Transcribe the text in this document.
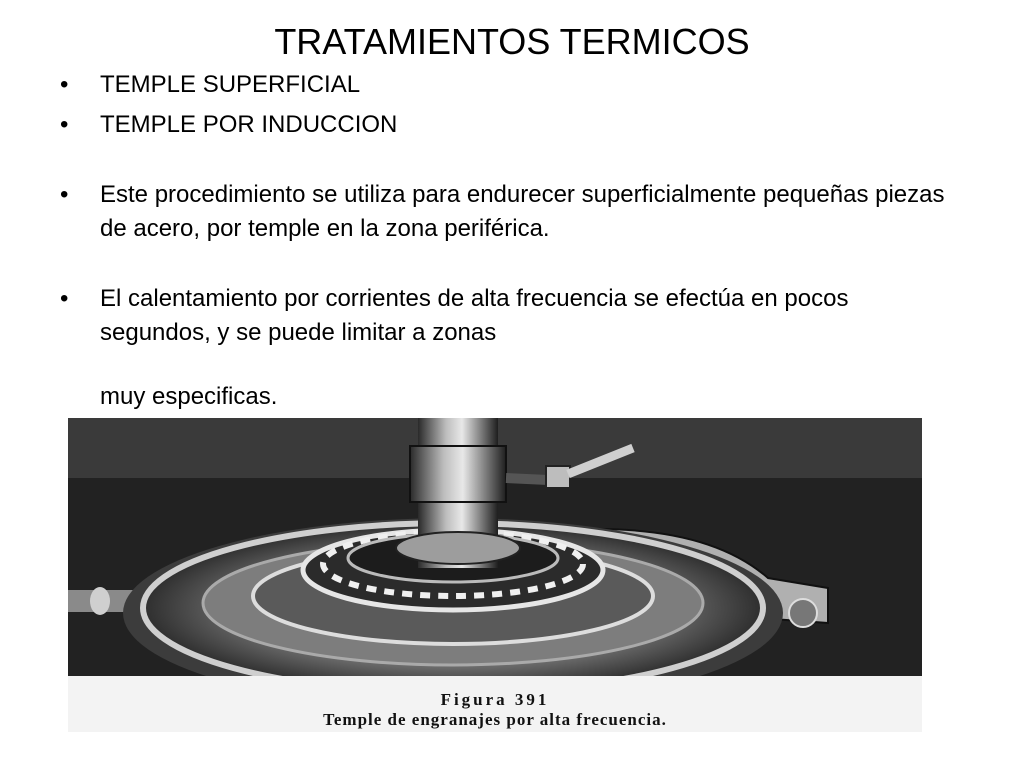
TRATAMIENTOS TERMICOS
• TEMPLE SUPERFICIAL
• TEMPLE POR INDUCCION
• Este procedimiento se utiliza para endurecer superficialmente pequeñas piezas de acero, por temple en la zona periférica.
• El calentamiento por corrientes de alta frecuencia se efectúa en pocos segundos, y se puede limitar a zonas
muy especificas.
Figura 391
Temple de engranajes por alta frecuencia.
